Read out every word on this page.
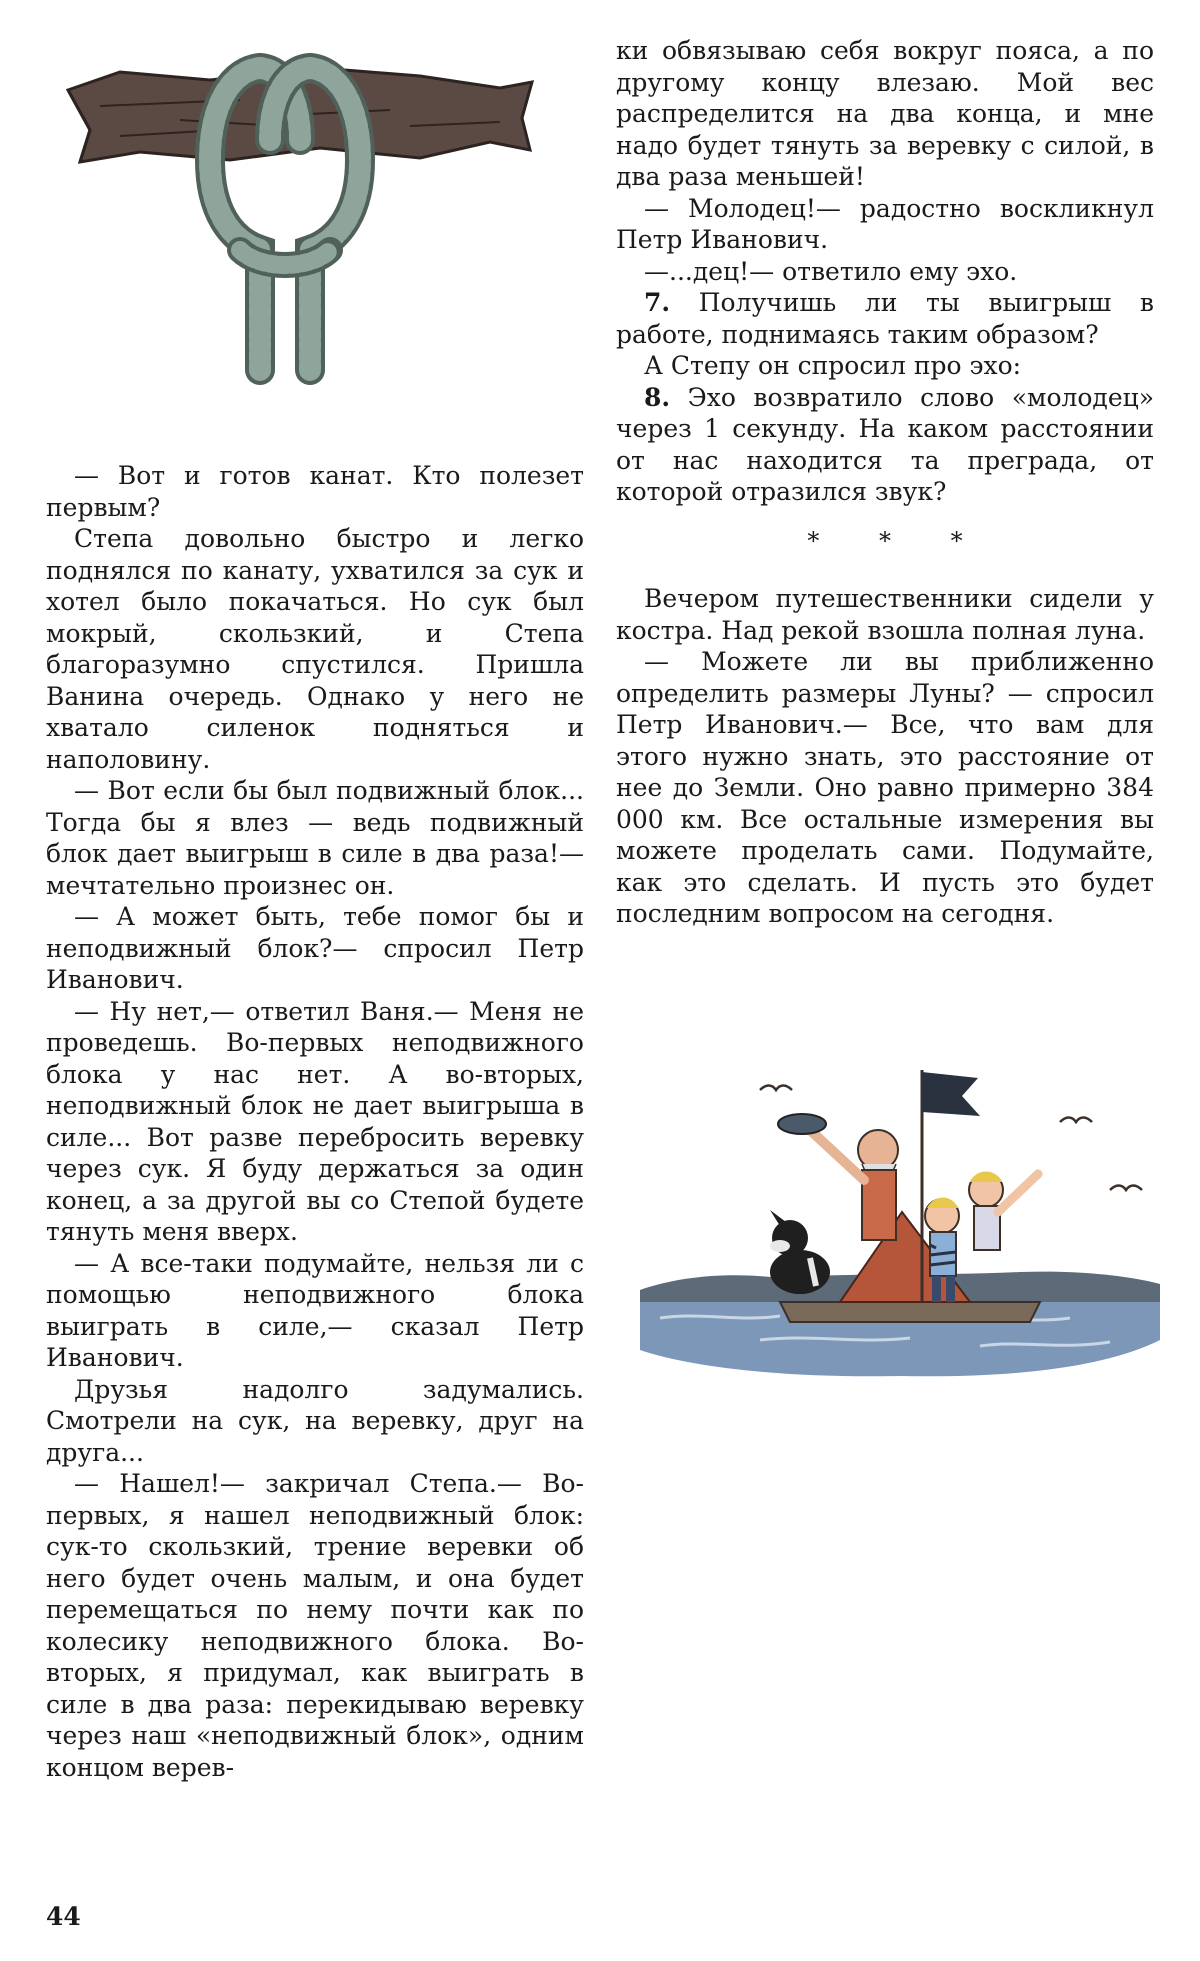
— Вот и готов канат. Кто полезет первым?

Степа довольно быстро и легко поднялся по канату, ухватился за сук и хотел было покачаться. Но сук был мокрый, скользкий, и Степа благоразумно спустился. Пришла Ванина очередь. Однако у него не хватало силенок подняться и наполовину.

— Вот если бы был подвижный блок... Тогда бы я влез — ведь подвижный блок дает выигрыш в силе в два раза!— мечтательно произнес он.

— А может быть, тебе помог бы и неподвижный блок?— спросил Петр Иванович.

— Ну нет,— ответил Ваня.— Меня не проведешь. Во-первых неподвижного блока у нас нет. А во-вторых, неподвижный блок не дает выигрыша в силе... Вот разве перебросить веревку через сук. Я буду держаться за один конец, а за другой вы со Степой будете тянуть меня вверх.

— А все-таки подумайте, нельзя ли с помощью неподвижного блока выиграть в силе,— сказал Петр Иванович.

Друзья надолго задумались. Смотрели на сук, на веревку, друг на друга...

— Нашел!— закричал Степа.— Во-первых, я нашел неподвижный блок: сук-то скользкий, трение веревки об него будет очень малым, и она будет перемещаться по нему почти как по колесику неподвижного блока. Во-вторых, я придумал, как выиграть в силе в два раза: перекидываю веревку через наш «неподвижный блок», одним концом верев-

ки обвязываю себя вокруг пояса, а по другому концу влезаю. Мой вес распределится на два конца, и мне надо будет тянуть за веревку с силой, в два раза меньшей!

— Молодец!— радостно воскликнул Петр Иванович.

—...дец!— ответило ему эхо.

7. Получишь ли ты выигрыш в работе, поднимаясь таким образом?

А Степу он спросил про эхо:

8. Эхо возвратило слово «молодец» через 1 секунду. На каком расстоянии от нас находится та преграда, от которой отразился звук?

* * *

Вечером путешественники сидели у костра. Над рекой взошла полная луна.

— Можете ли вы приближенно определить размеры Луны? — спросил Петр Иванович.— Все, что вам для этого нужно знать, это расстояние от нее до Земли. Оно равно примерно 384 000 км. Все остальные измерения вы можете проделать сами. Подумайте, как это сделать. И пусть это будет последним вопросом на сегодня.

44
